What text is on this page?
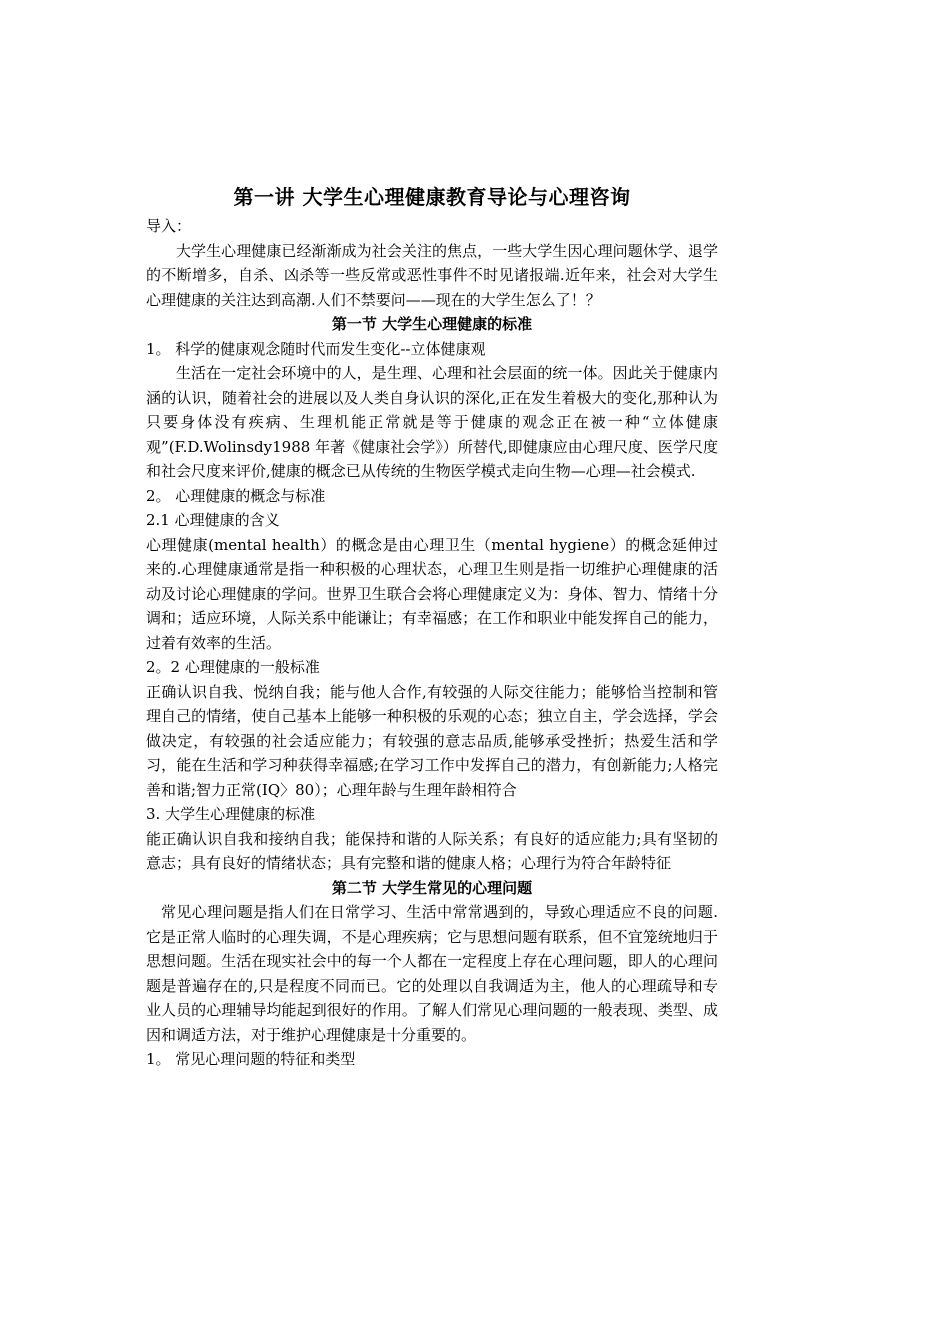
第一讲 大学生心理健康教育导论与心理咨询

导入：

大学生心理健康已经渐渐成为社会关注的焦点，一些大学生因心理问题休学、退学的不断增多，自杀、凶杀等一些反常或恶性事件不时见诸报端.近年来，社会对大学生心理健康的关注达到高潮.人们不禁要问——现在的大学生怎么了！？

第一节 大学生心理健康的标准

1。 科学的健康观念随时代而发生变化--立体健康观

生活在一定社会环境中的人，是生理、心理和社会层面的统一体。因此关于健康内涵的认识，随着社会的进展以及人类自身认识的深化,正在发生着极大的变化,那种认为只要身体没有疾病、生理机能正常就是等于健康的观念正在被一种“立体健康观”(F.D.Wolinsdy1988 年著《健康社会学》）所替代,即健康应由心理尺度、医学尺度和社会尺度来评价,健康的概念已从传统的生物医学模式走向生物—心理—社会模式.

2。 心理健康的概念与标准

2.1 心理健康的含义

心理健康(mental health）的概念是由心理卫生（mental hygiene）的概念延伸过来的.心理健康通常是指一种积极的心理状态，心理卫生则是指一切维护心理健康的活动及讨论心理健康的学问。世界卫生联合会将心理健康定义为：身体、智力、情绪十分调和；适应环境，人际关系中能谦让；有幸福感；在工作和职业中能发挥自己的能力，过着有效率的生活。

2。2 心理健康的一般标准

正确认识自我、悦纳自我；能与他人合作,有较强的人际交往能力；能够恰当控制和管理自己的情绪，使自己基本上能够一种积极的乐观的心态；独立自主，学会选择，学会做决定，有较强的社会适应能力；有较强的意志品质,能够承受挫折；热爱生活和学习，能在生活和学习种获得幸福感;在学习工作中发挥自己的潜力，有创新能力;人格完善和谐;智力正常(IQ〉80）；心理年龄与生理年龄相符合

3. 大学生心理健康的标准

能正确认识自我和接纳自我；能保持和谐的人际关系；有良好的适应能力;具有坚韧的意志；具有良好的情绪状态；具有完整和谐的健康人格；心理行为符合年龄特征

第二节 大学生常见的心理问题

常见心理问题是指人们在日常学习、生活中常常遇到的，导致心理适应不良的问题.它是正常人临时的心理失调，不是心理疾病；它与思想问题有联系，但不宜笼统地归于思想问题。生活在现实社会中的每一个人都在一定程度上存在心理问题，即人的心理问题是普遍存在的,只是程度不同而已。它的处理以自我调适为主，他人的心理疏导和专业人员的心理辅导均能起到很好的作用。了解人们常见心理问题的一般表现、类型、成因和调适方法，对于维护心理健康是十分重要的。

1。 常见心理问题的特征和类型
